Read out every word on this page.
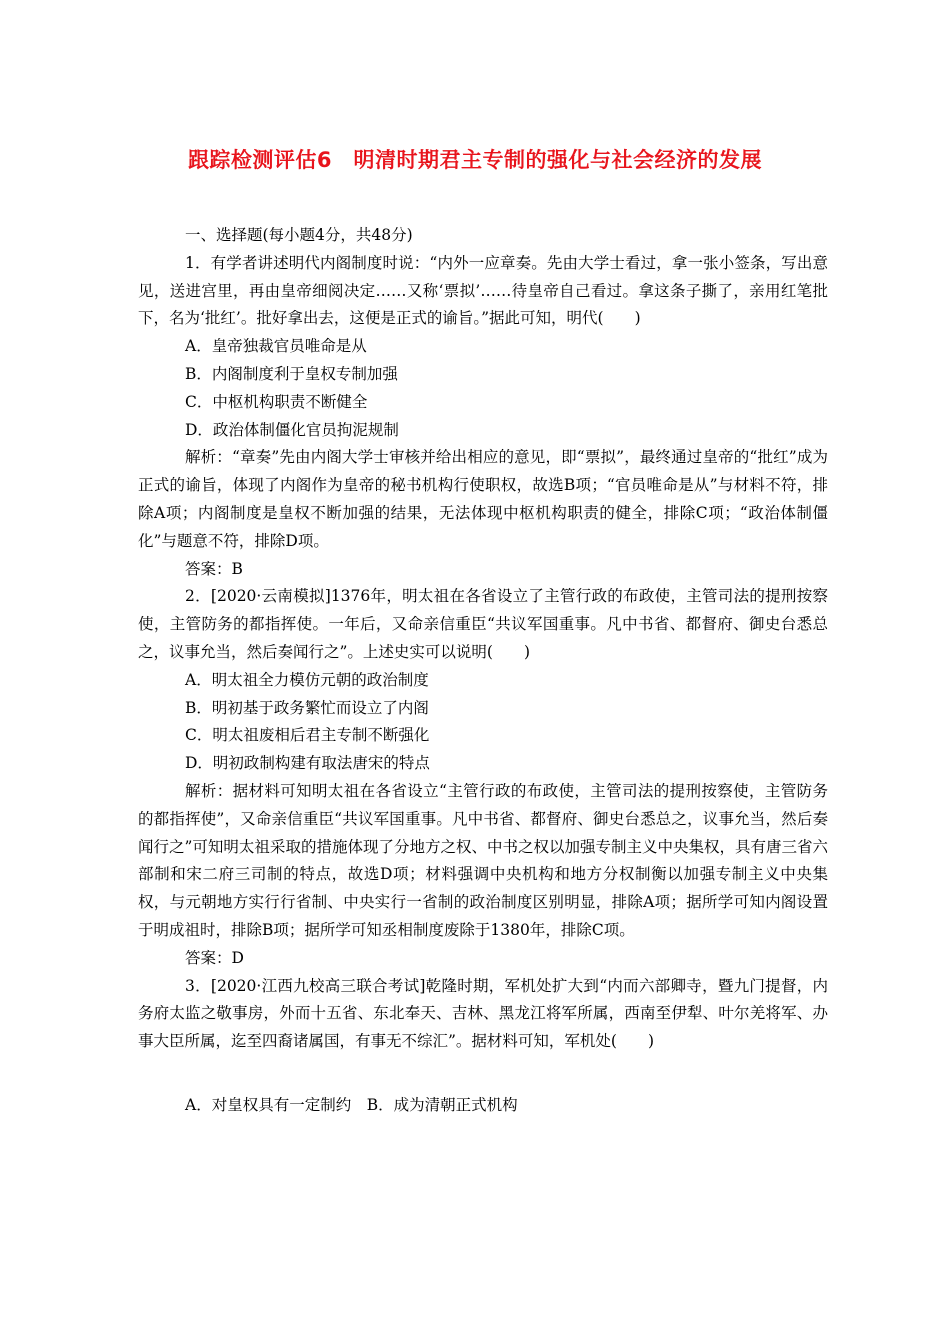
跟踪检测评估6　明清时期君主专制的强化与社会经济的发展

一、选择题(每小题4分，共48分)

1．有学者讲述明代内阁制度时说：“内外一应章奏。先由大学士看过，拿一张小签条，写出意见，送进宫里，再由皇帝细阅决定……又称‘票拟’……待皇帝自己看过。拿这条子撕了，亲用红笔批下，名为‘批红’。批好拿出去，这便是正式的谕旨。”据此可知，明代(　　)

A．皇帝独裁官员唯命是从

B．内阁制度利于皇权专制加强

C．中枢机构职责不断健全

D．政治体制僵化官员拘泥规制

解析：“章奏”先由内阁大学士审核并给出相应的意见，即“票拟”，最终通过皇帝的“批红”成为正式的谕旨，体现了内阁作为皇帝的秘书机构行使职权，故选B项；“官员唯命是从”与材料不符，排除A项；内阁制度是皇权不断加强的结果，无法体现中枢机构职责的健全，排除C项；“政治体制僵化”与题意不符，排除D项。

答案：B

2．[2020·云南模拟]1376年，明太祖在各省设立了主管行政的布政使，主管司法的提刑按察使，主管防务的都指挥使。一年后，又命亲信重臣“共议军国重事。凡中书省、都督府、御史台悉总之，议事允当，然后奏闻行之”。上述史实可以说明(　　)

A．明太祖全力模仿元朝的政治制度

B．明初基于政务繁忙而设立了内阁

C．明太祖废相后君主专制不断强化

D．明初政制构建有取法唐宋的特点

解析：据材料可知明太祖在各省设立“主管行政的布政使，主管司法的提刑按察使，主管防务的都指挥使”，又命亲信重臣“共议军国重事。凡中书省、都督府、御史台悉总之，议事允当，然后奏闻行之”可知明太祖采取的措施体现了分地方之权、中书之权以加强专制主义中央集权，具有唐三省六部制和宋二府三司制的特点，故选D项；材料强调中央机构和地方分权制衡以加强专制主义中央集权，与元朝地方实行行省制、中央实行一省制的政治制度区别明显，排除A项；据所学可知内阁设置于明成祖时，排除B项；据所学可知丞相制度废除于1380年，排除C项。

答案：D

3．[2020·江西九校高三联合考试]乾隆时期，军机处扩大到“内而六部卿寺，暨九门提督，内务府太监之敬事房，外而十五省、东北奉天、吉林、黑龙江将军所属，西南至伊犁、叶尔羌将军、办事大臣所属，迄至四裔诸属国，有事无不综汇”。据材料可知，军机处(　　)

A．对皇权具有一定制约　B．成为清朝正式机构
